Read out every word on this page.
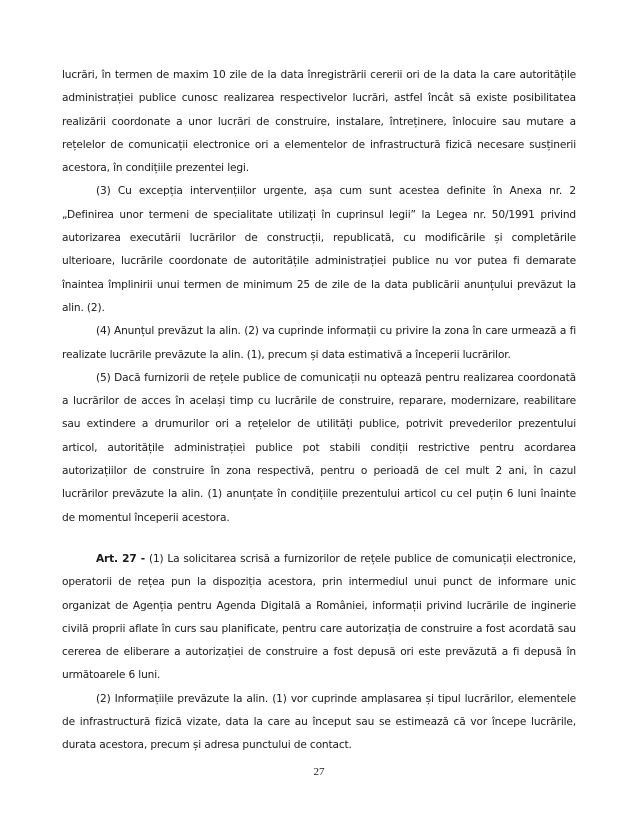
lucrări, în termen de maxim 10 zile de la data înregistrării cererii ori de la data la care autoritățile administrației publice cunosc realizarea respectivelor lucrări, astfel încât să existe posibilitatea realizării coordonate a unor lucrări de construire, instalare, întreținere, înlocuire sau mutare a rețelelor de comunicații electronice ori a elementelor de infrastructură fizică necesare susținerii acestora, în condițiile prezentei legi.

(3) Cu excepția intervențiilor urgente, așa cum sunt acestea definite în Anexa nr. 2 „Definirea unor termeni de specialitate utilizați în cuprinsul legii” la Legea nr. 50/1991 privind autorizarea executării lucrărilor de construcții, republicată, cu modificările și completările ulterioare, lucrările coordonate de autoritățile administrației publice nu vor putea fi demarate înaintea împlinirii unui termen de minimum 25 de zile de la data publicării anunțului prevăzut la alin. (2).

(4) Anunțul prevăzut la alin. (2) va cuprinde informații cu privire la zona în care urmează a fi realizate lucrările prevăzute la alin. (1), precum și data estimativă a începerii lucrărilor.

(5) Dacă furnizorii de rețele publice de comunicații nu optează pentru realizarea coordonată a lucrărilor de acces în același timp cu lucrările de construire, reparare, modernizare, reabilitare sau extindere a drumurilor ori a rețelelor de utilități publice, potrivit prevederilor prezentului articol, autoritățile administrației publice pot stabili condiții restrictive pentru acordarea autorizațiilor de construire în zona respectivă, pentru o perioadă de cel mult 2 ani, în cazul lucrărilor prevăzute la alin. (1) anunțate în condițiile prezentului articol cu cel puțin 6 luni înainte de momentul începerii acestora.

Art. 27 - (1) La solicitarea scrisă a furnizorilor de rețele publice de comunicații electronice, operatorii de rețea pun la dispoziția acestora, prin intermediul unui punct de informare unic organizat de Agenția pentru Agenda Digitală a României, informații privind lucrările de inginerie civilă proprii aflate în curs sau planificate, pentru care autorizația de construire a fost acordată sau cererea de eliberare a autorizației de construire a fost depusă ori este prevăzută a fi depusă în următoarele 6 luni.

(2) Informațiile prevăzute la alin. (1) vor cuprinde amplasarea și tipul lucrărilor, elementele de infrastructură fizică vizate, data la care au început sau se estimează că vor începe lucrările, durata acestora, precum și adresa punctului de contact.

27
